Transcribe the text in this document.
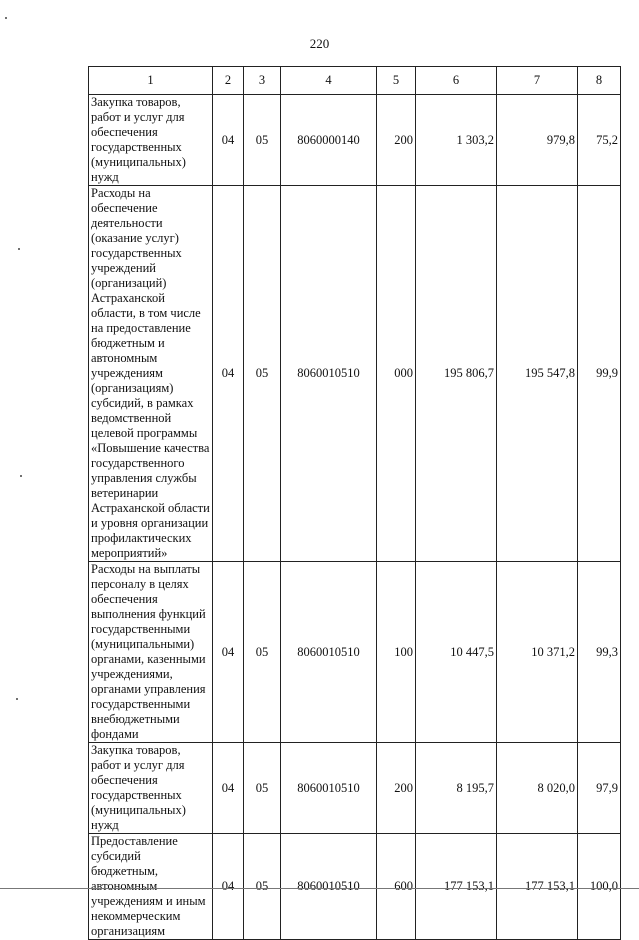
220
1	2	3	4	5	6	7	8
Закупка товаров, работ и услуг для обеспечения государственных (муниципальных) нужд	04	05	8060000140	200	1 303,2	979,8	75,2
Расходы на обеспечение деятельности (оказание услуг) государственных учреждений (организаций) Астраханской области, в том числе на предоставление бюджетным и автономным учреждениям (организациям) субсидий, в рамках ведомственной целевой программы «Повышение качества государственного управления службы ветеринарии Астраханской области и уровня организации профилактических мероприятий»	04	05	8060010510	000	195 806,7	195 547,8	99,9
Расходы на выплаты персоналу в целях обеспечения выполнения функций государственными (муниципальными) органами, казенными учреждениями, органами управления государственными внебюджетными фондами	04	05	8060010510	100	10 447,5	10 371,2	99,3
Закупка товаров, работ и услуг для обеспечения государственных (муниципальных) нужд	04	05	8060010510	200	8 195,7	8 020,0	97,9
Предоставление субсидий бюджетным, автономным учреждениям и иным некоммерческим организациям	04	05	8060010510	600	177 153,1	177 153,1	100,0
